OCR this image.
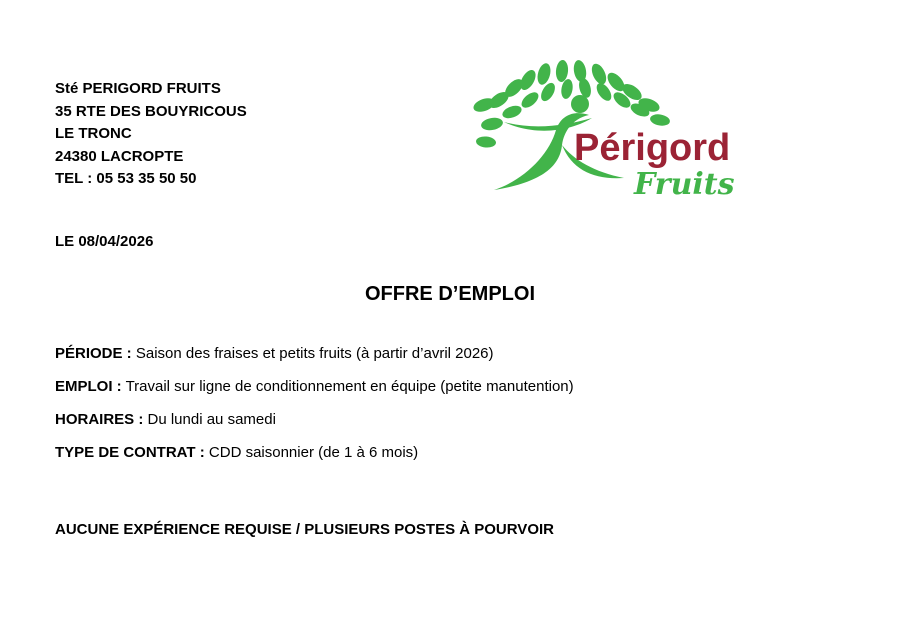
Sté PERIGORD FRUITS
35 RTE DES BOUYRICOUS
LE TRONC
24380 LACROPTE
TEL : 05 53 35 50 50
Périgord
Fruits
LE 08/04/2026
OFFRE D’EMPLOI
PÉRIODE : Saison des fraises et petits fruits (à partir d’avril 2026)
EMPLOI : Travail sur ligne de conditionnement en équipe (petite manutention)
HORAIRES : Du lundi au samedi
TYPE DE CONTRAT : CDD saisonnier (de 1 à 6 mois)
AUCUNE EXPÉRIENCE REQUISE / PLUSIEURS POSTES À POURVOIR
